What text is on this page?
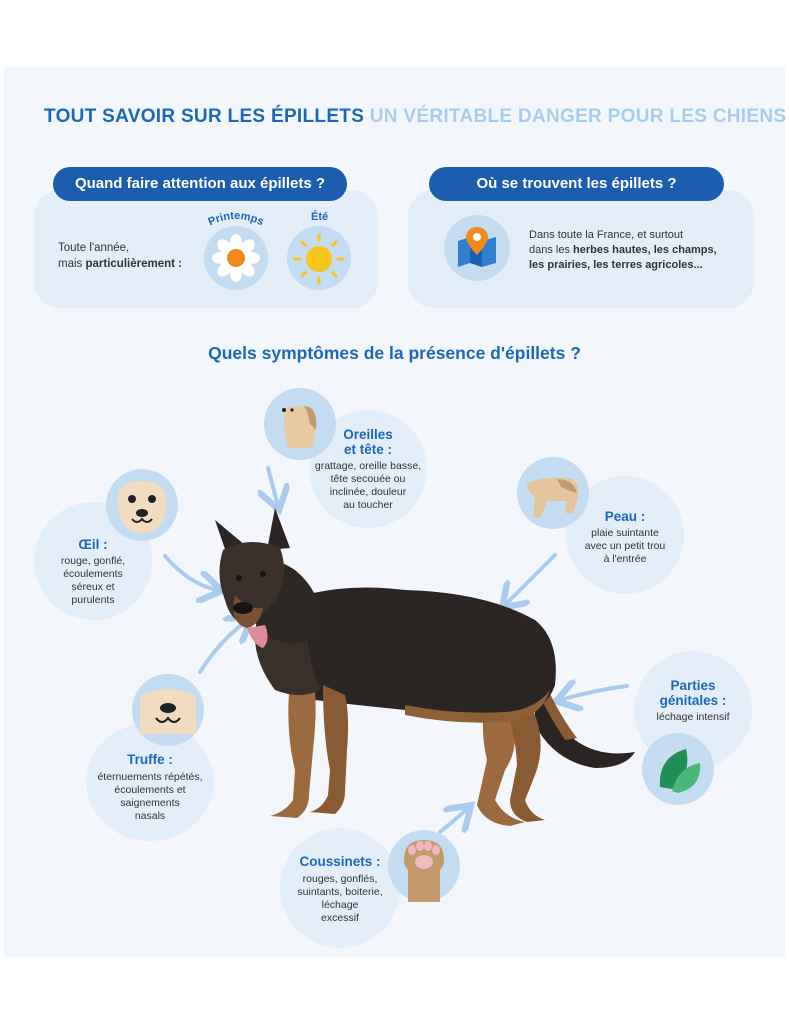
TOUT SAVOIR SUR LES ÉPILLETS UN VÉRITABLE DANGER POUR LES CHIENS
Quand faire attention aux épillets ?
Toute l'année,
mais particulièrement :
Printemps	Été
Où se trouvent les épillets ?
Dans toute la France, et surtout
dans les herbes hautes, les champs,
les prairies, les terres agricoles...
Quels symptômes de la présence d'épillets ?
Oreilles
et tête :
grattage, oreille basse,
tête secouée ou
inclinée, douleur
au toucher
Œil :
rouge, gonflé,
écoulements
séreux et
purulents
Peau :
plaie suintante
avec un petit trou
à l'entrée
Truffe :
éternuements répétés,
écoulements et
saignements
nasals
Parties
génitales :
léchage intensif
Coussinets :
rouges, gonflés,
suintants, boiterie,
léchage
excessif
